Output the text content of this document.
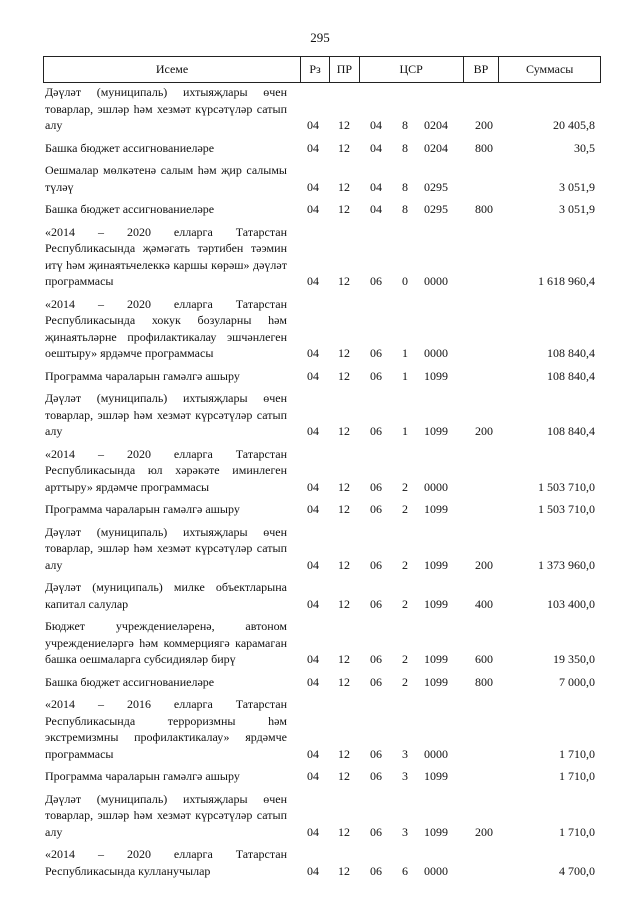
295
Исеме	Рз	ПР	ЦСР	ВР	Суммасы
Дәүләт (муниципаль) ихтыяҗлары өчен товарлар, эшләр һәм хезмәт күрсәтүләр сатып алу	04 12 04 8 0204 200	20 405,8
Башка бюджет ассигнованиеләре	04 12 04 8 0204 800	30,5
Оешмалар мөлкәтенә салым һәм җир салымы түләү	04 12 04 8 0295	3 051,9
Башка бюджет ассигнованиеләре	04 12 04 8 0295 800	3 051,9
«2014 – 2020 елларга Татарстан Республикасында җәмәгать тәртибен тәэмин итү һәм җинаятьчелеккә каршы көрәш» дәүләт программасы	04 12 06 0 0000	1 618 960,4
«2014 – 2020 елларга Татарстан Республикасында хокук бозуларны һәм җинаятьләрне профилактикалау эшчәнлеген оештыру» ярдәмче программасы	04 12 06 1 0000	108 840,4
Программа чараларын гамәлгә ашыру	04 12 06 1 1099	108 840,4
Дәүләт (муниципаль) ихтыяҗлары өчен товарлар, эшләр һәм хезмәт күрсәтүләр сатып алу	04 12 06 1 1099 200	108 840,4
«2014 – 2020 елларга Татарстан Республикасында юл хәрәкәте иминлеген арттыру» ярдәмче программасы	04 12 06 2 0000	1 503 710,0
Программа чараларын гамәлгә ашыру	04 12 06 2 1099	1 503 710,0
Дәүләт (муниципаль) ихтыяҗлары өчен товарлар, эшләр һәм хезмәт күрсәтүләр сатып алу	04 12 06 2 1099 200	1 373 960,0
Дәүләт (муниципаль) милке объектларына капитал салулар	04 12 06 2 1099 400	103 400,0
Бюджет учреждениеләренә, автоном учреждениеләргә һәм коммерциягә карамаган башка оешмаларга субсидияләр бирү	04 12 06 2 1099 600	19 350,0
Башка бюджет ассигнованиеләре	04 12 06 2 1099 800	7 000,0
«2014 – 2016 елларга Татарстан Республикасында терроризмны һәм экстремизмны профилактикалау» ярдәмче программасы	04 12 06 3 0000	1 710,0
Программа чараларын гамәлгә ашыру	04 12 06 3 1099	1 710,0
Дәүләт (муниципаль) ихтыяҗлары өчен товарлар, эшләр һәм хезмәт күрсәтүләр сатып алу	04 12 06 3 1099 200	1 710,0
«2014 – 2020 елларга Татарстан Республикасында кулланучылар	04 12 06 6 0000	4 700,0
